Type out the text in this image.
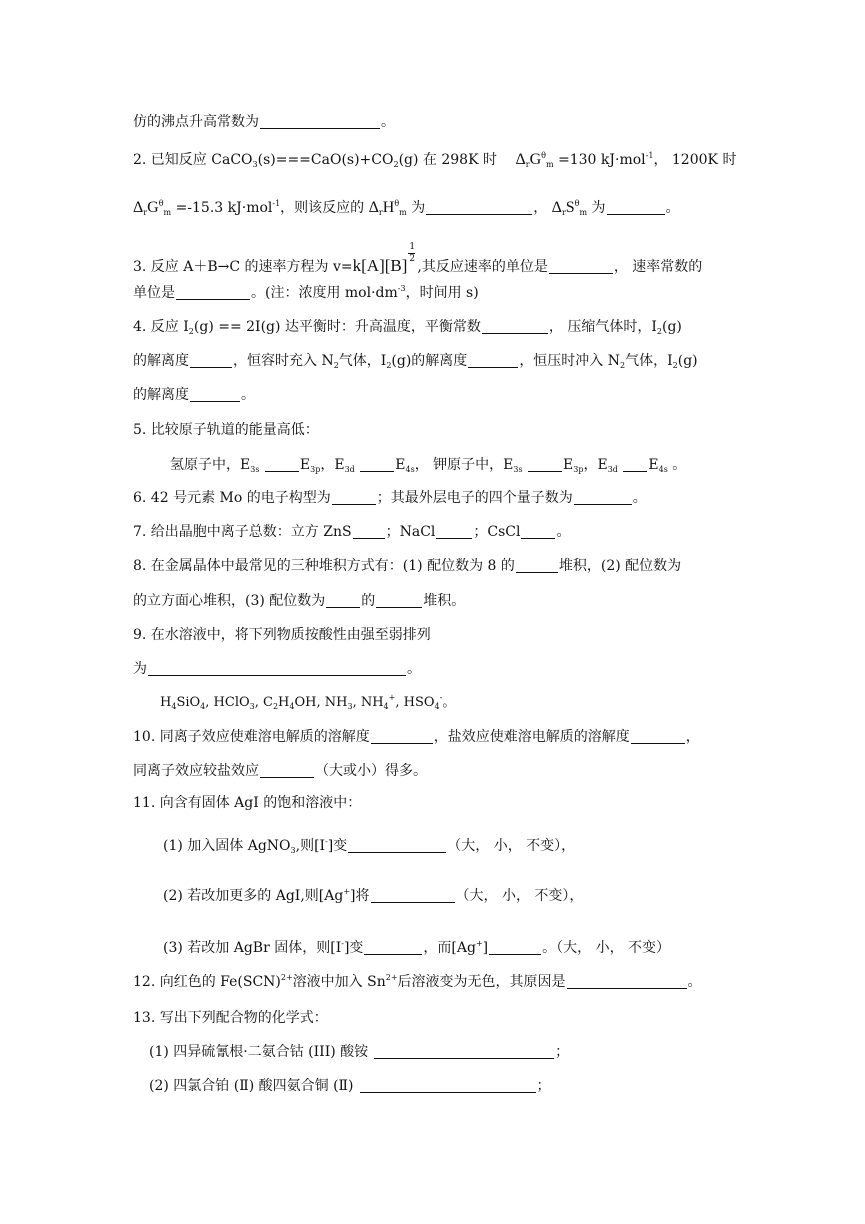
仿的沸点升高常数为	。
2. 已知反应 $CaCO_3(s)===CaO(s)+CO_2(g)$ 在 298K 时 $\Delta_rG^\theta_m =130$ kJ·mol$^{-1}$， 1200K 时
$\Delta_rG^\theta_m =-15.3$ kJ·mol$^{-1}$，则该反应的 $\Delta_rH^\theta_m$ 为	， $\Delta_rS^\theta_m$ 为	。
3. 反应 A＋B→C 的速率方程为 $v=k[A][B] \frac{1}{2}$ ,其反应速率的单位是	， 速率常数的
单位是	。(注：浓度用 $mol\cdot dm^{-3}$，时间用 s)
4. 反应 $I_2(g) == 2I(g)$ 达平衡时：升高温度，平衡常数	， 压缩气体时，$I_2(g)$
的解离度	，恒容时充入 $N_2$气体，$I_2(g)$的解离度	，恒压时冲入 $N_2$气体，$I_2(g)$
的解离度	。
5. 比较原子轨道的能量高低：
氢原子中，$E_{3s}$	$E_{3p}$，$E_{3d}$	$E_{4s}$， 钾原子中，$E_{3s}$	$E_{3p}$，$E_{3d}$ $E_{4s}$ 。
6. 42 号元素 Mo 的电子构型为	；其最外层电子的四个量子数为	。
7. 给出晶胞中离子总数：立方 ZnS ；NaCl	；CsCl	。
8. 在金属晶体中最常见的三种堆积方式有：(1) 配位数为 8 的	堆积，(2) 配位数为
的立方面心堆积，(3) 配位数为	的	堆积。
9. 在水溶液中，将下列物质按酸性由强至弱排列
为	。
$H_4SiO_4$, HClO$_3$, $C_2H_4OH$, $NH_3$, $NH_4^+$, $HSO_4^-$。
10. 同离子效应使难溶电解质的溶解度	，盐效应使难溶电解质的溶解度	，
同离子效应较盐效应	（大或小）得多。
11. 向含有固体 AgI 的饱和溶液中：
(1) 加入固体 AgNO$_3$,则[I-]变	（大， 小， 不变），
(2) 若改加更多的 AgI,则[Ag+]将	（大， 小， 不变），
(3) 若改加 AgBr 固体，则[I-]变	，而[Ag+]	。（大， 小， 不变）
12. 向红色的 Fe(SCN)$^{2+}$溶液中加入 $Sn^{2+}$后溶液变为无色，其原因是	。
13. 写出下列配合物的化学式：
(1) 四异硫氰根·二氨合钴 (III) 酸铵	；
(2) 四氯合铂 (Ⅱ) 酸四氨合铜 (Ⅱ)	；
